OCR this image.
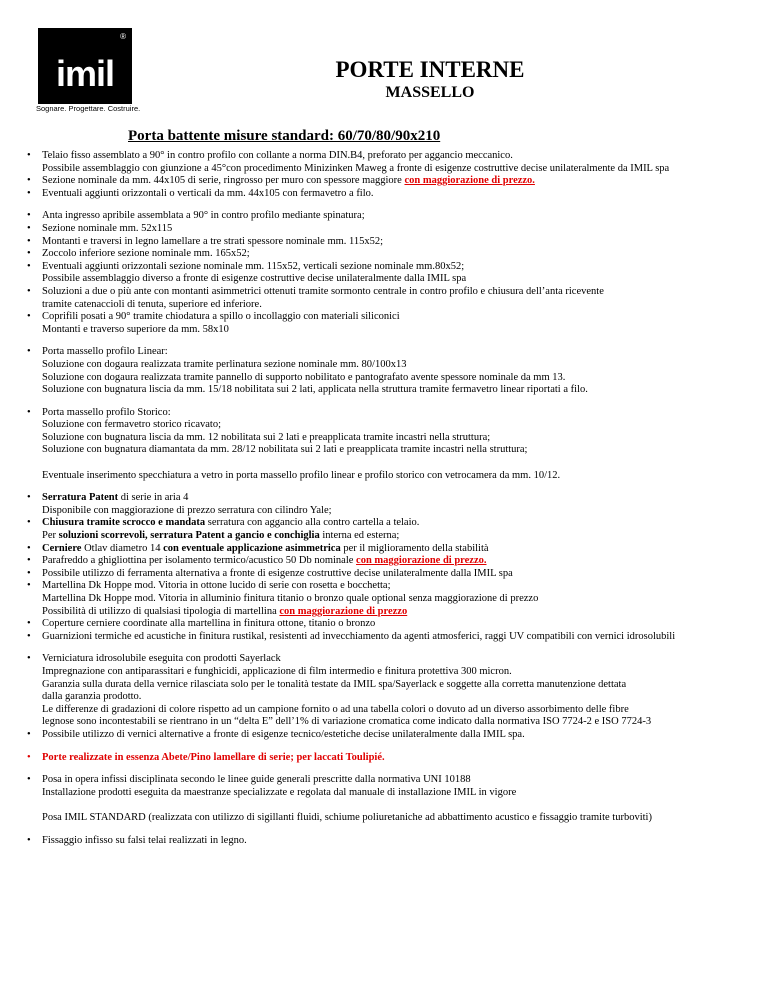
®
imil
Sognare. Progettare. Costruire.
PORTE INTERNE
MASSELLO
Porta battente misure standard: 60/70/80/90x210
• Telaio fisso assemblato a 90° in contro profilo con collante a norma DIN.B4, preforato per aggancio meccanico.
Possibile assemblaggio con giunzione a 45°con procedimento Minizinken Maweg a fronte di esigenze costruttive decise unilateralmente da IMIL spa
• Sezione nominale da mm. 44x105 di serie, ringrosso per muro con spessore maggiore con maggiorazione di prezzo.
• Eventuali aggiunti orizzontali o verticali da mm. 44x105 con fermavetro a filo.
• Anta ingresso apribile assemblata a 90° in contro profilo mediante spinatura;
• Sezione nominale mm. 52x115
• Montanti e traversi in legno lamellare a tre strati spessore nominale mm. 115x52;
• Zoccolo inferiore sezione nominale mm. 165x52;
• Eventuali aggiunti orizzontali sezione nominale mm. 115x52, verticali sezione nominale mm.80x52;
Possibile assemblaggio diverso a fronte di esigenze costruttive decise unilateralmente dalla IMIL spa
• Soluzioni a due o più ante con montanti asimmetrici ottenuti tramite sormonto centrale in contro profilo e chiusura dell’anta ricevente
tramite catenaccioli di tenuta, superiore ed inferiore.
• Coprifili posati a 90° tramite chiodatura a spillo o incollaggio con materiali siliconici
Montanti e traverso superiore da mm. 58x10
• Porta massello profilo Linear:
Soluzione con dogaura realizzata tramite perlinatura sezione nominale mm. 80/100x13
Soluzione con dogaura realizzata tramite pannello di supporto nobilitato e pantografato avente spessore nominale da mm 13.
Soluzione con bugnatura liscia da mm. 15/18 nobilitata sui 2 lati, applicata nella struttura tramite fermavetro linear riportati a filo.
• Porta massello profilo Storico:
Soluzione con fermavetro storico ricavato;
Soluzione con bugnatura liscia da mm. 12 nobilitata sui 2 lati e preapplicata tramite incastri nella struttura;
Soluzione con bugnatura diamantata da mm. 28/12 nobilitata sui 2 lati e preapplicata tramite incastri nella struttura;
Eventuale inserimento specchiatura a vetro in porta massello profilo linear e profilo storico con vetrocamera da mm. 10/12.
• Serratura Patent di serie in aria 4
Disponibile con maggiorazione di prezzo serratura con cilindro Yale;
• Chiusura tramite scrocco e mandata serratura con aggancio alla contro cartella a telaio.
Per soluzioni scorrevoli, serratura Patent a gancio e conchiglia interna ed esterna;
• Cerniere Otlav diametro 14 con eventuale applicazione asimmetrica per il miglioramento della stabilità
• Parafreddo a ghigliottina per isolamento termico/acustico 50 Db nominale con maggiorazione di prezzo.
• Possibile utilizzo di ferramenta alternativa a fronte di esigenze costruttive decise unilateralmente dalla IMIL spa
• Martellina Dk Hoppe mod. Vitoria in ottone lucido di serie con rosetta e bocchetta;
Martellina Dk Hoppe mod. Vitoria in alluminio finitura titanio o bronzo quale optional senza maggiorazione di prezzo
Possibilità di utilizzo di qualsiasi tipologia di martellina con maggiorazione di prezzo
• Coperture cerniere coordinate alla martellina in finitura ottone, titanio o bronzo
• Guarnizioni termiche ed acustiche in finitura rustikal, resistenti ad invecchiamento da agenti atmosferici, raggi UV compatibili con vernici idrosolubili
• Verniciatura idrosolubile eseguita con prodotti Sayerlack
Impregnazione con antiparassitari e funghicidi, applicazione di film intermedio e finitura protettiva 300 micron.
Garanzia sulla durata della vernice rilasciata solo per le tonalità testate da IMIL spa/Sayerlack e soggette alla corretta manutenzione dettata
dalla garanzia prodotto.
Le differenze di gradazioni di colore rispetto ad un campione fornito o ad una tabella colori o dovuto ad un diverso assorbimento delle fibre
legnose sono incontestabili se rientrano in un “delta E” dell’1% di variazione cromatica come indicato dalla normativa ISO 7724-2 e ISO 7724-3
• Possibile utilizzo di vernici alternative a fronte di esigenze tecnico/estetiche decise unilateralmente dalla IMIL spa.
• Porte realizzate in essenza Abete/Pino lamellare di serie; per laccati Toulipié.
• Posa in opera infissi disciplinata secondo le linee guide generali prescritte dalla normativa UNI 10188
Installazione prodotti eseguita da maestranze specializzate e regolata dal manuale di installazione IMIL in vigore
Posa IMIL STANDARD (realizzata con utilizzo di sigillanti fluidi, schiume poliuretaniche ad abbattimento acustico e fissaggio tramite turboviti)
• Fissaggio infisso su falsi telai realizzati in legno.
